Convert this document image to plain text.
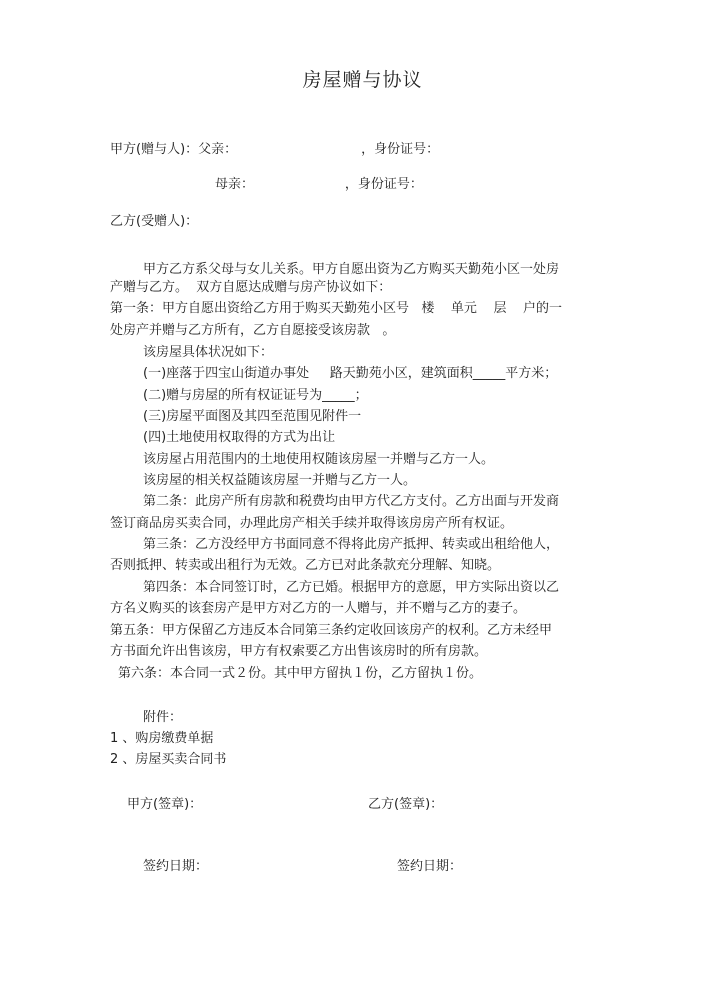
房屋赠与协议
甲方(赠与人)：父亲：                              ，身份证号：
母亲：                      ，身份证号：
乙方(受赠人)：
甲方乙方系父母与女儿关系。甲方自愿出资为乙方购买天勤苑小区一处房
产赠与乙方。  双方自愿达成赠与房产协议如下：
第一条：甲方自愿出资给乙方用于购买天勤苑小区号   楼    单元    层    户的一
处房产并赠与乙方所有，乙方自愿接受该房款   。
该房屋具体状况如下：
(一)座落于四宝山街道办事处     路天勤苑小区，建筑面积_____平方米；
(二)赠与房屋的所有权证证号为_____；
(三)房屋平面图及其四至范围见附件一
(四)土地使用权取得的方式为出让
该房屋占用范围内的土地使用权随该房屋一并赠与乙方一人。
该房屋的相关权益随该房屋一并赠与乙方一人。
第二条：此房产所有房款和税费均由甲方代乙方支付。乙方出面与开发商
签订商品房买卖合同，办理此房产相关手续并取得该房房产所有权证。
第三条：乙方没经甲方书面同意不得将此房产抵押、转卖或出租给他人，
否则抵押、转卖或出租行为无效。乙方已对此条款充分理解、知晓。
第四条：本合同签订时，乙方已婚。根据甲方的意愿，甲方实际出资以乙
方名义购买的该套房产是甲方对乙方的一人赠与，并不赠与乙方的妻子。
第五条：甲方保留乙方违反本合同第三条约定收回该房产的权利。乙方未经甲
方书面允许出售该房，甲方有权索要乙方出售该房时的所有房款。
第六条：本合同一式２份。其中甲方留执１份，乙方留执１份。
附件：
1 、购房缴费单据
2 、房屋买卖合同书
甲方(签章)：	乙方(签章)：
签约日期：	签约日期：
